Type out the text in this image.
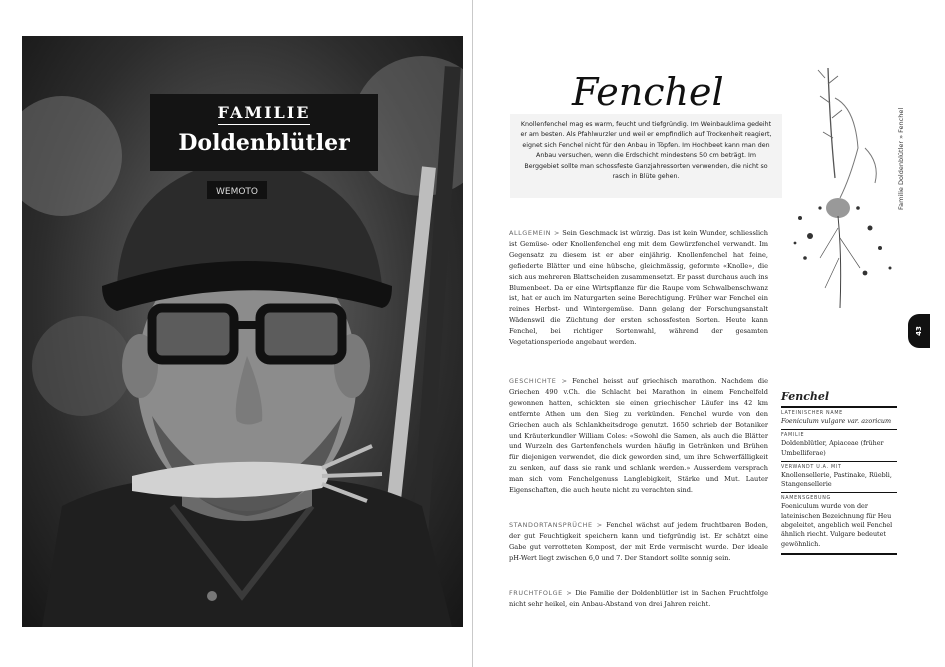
WEMOTO
FAMILIE
Doldenblütler
Fenchel
Knollenfenchel mag es warm, feucht und tiefgründig. Im Weinbauklima gedeiht er am besten. Als Pfahlwurzler und weil er empfindlich auf Trockenheit reagiert, eignet sich Fenchel nicht für den Anbau in Töpfen. Im Hochbeet kann man den Anbau versuchen, wenn die Erdschicht mindestens 50 cm beträgt. Im Berggebiet sollte man schossfeste Ganzjahressorten verwenden, die nicht so rasch in Blüte gehen.	Familie Doldenblütler » Fenchel
43
ALLGEMEIN > Sein Geschmack ist würzig. Das ist kein Wunder, schliesslich ist Gemüse- oder Knollenfenchel eng mit dem Gewürzfenchel verwandt. Im Gegensatz zu diesem ist er aber einjährig. Knollenfenchel hat feine, gefiederte Blätter und eine hübsche, gleichmässig, geformte «Knolle», die sich aus mehreren Blattscheiden zusammensetzt. Er passt durchaus auch ins Blumenbeet. Da er eine Wirtspflanze für die Raupe vom Schwalbenschwanz ist, hat er auch im Naturgarten seine Berechtigung. Früher war Fenchel ein reines Herbst- und Wintergemüse. Dann gelang der Forschungsanstalt Wädenswil die Züchtung der ersten schossfesten Sorten. Heute kann Fenchel, bei richtiger Sortenwahl, während der gesamten Vegetationsperiode angebaut werden.
GESCHICHTE > Fenchel heisst auf griechisch marathon. Nachdem die Griechen 490 v.Ch. die Schlacht bei Marathon in einem Fenchelfeld gewonnen hatten, schickten sie einen griechischer Läufer ins 42 km entfernte Athen um den Sieg zu verkünden. Fenchel wurde von den Griechen auch als Schlankheitsdroge genutzt. 1650 schrieb der Botaniker und Kräuterkundler William Coles: «Sowohl die Samen, als auch die Blätter und Wurzeln des Gartenfenchels wurden häufig in Getränken und Brühen für diejenigen verwendet, die dick geworden sind, um ihre Schwerfälligkeit zu senken, auf dass sie rank und schlank werden.» Ausserdem versprach man sich vom Fenchelgenuss Langlebigkeit, Stärke und Mut. Lauter Eigenschaften, die auch heute nicht zu verachten sind.
STANDORTANSPRÜCHE > Fenchel wächst auf jedem fruchtbaren Boden, der gut Feuchtigkeit speichern kann und tiefgründig ist. Er schätzt eine Gabe gut verrotteten Kompost, der mit Erde vermischt wurde. Der ideale pH-Wert liegt zwischen 6,0 und 7. Der Standort sollte sonnig sein.
FRUCHTFOLGE > Die Familie der Doldenblütler ist in Sachen Fruchtfolge nicht sehr heikel, ein Anbau-Abstand von drei Jahren reicht.
Fenchel
LATEINISCHER NAME
Foeniculum vulgare var. azoricum
FAMILIE
Doldenblütler, Apiaceae (früher Umbelliferae)
VERWANDT U.A. MIT
Knollensellerie, Pastinake, Rüebli, Stangensellerie
NAMENSGEBUNG
Foeniculum wurde von der lateinischen Bezeichnung für Heu abgeleitet, angeblich weil Fenchel ähnlich riecht. Vulgare bedeutet gewöhnlich.
